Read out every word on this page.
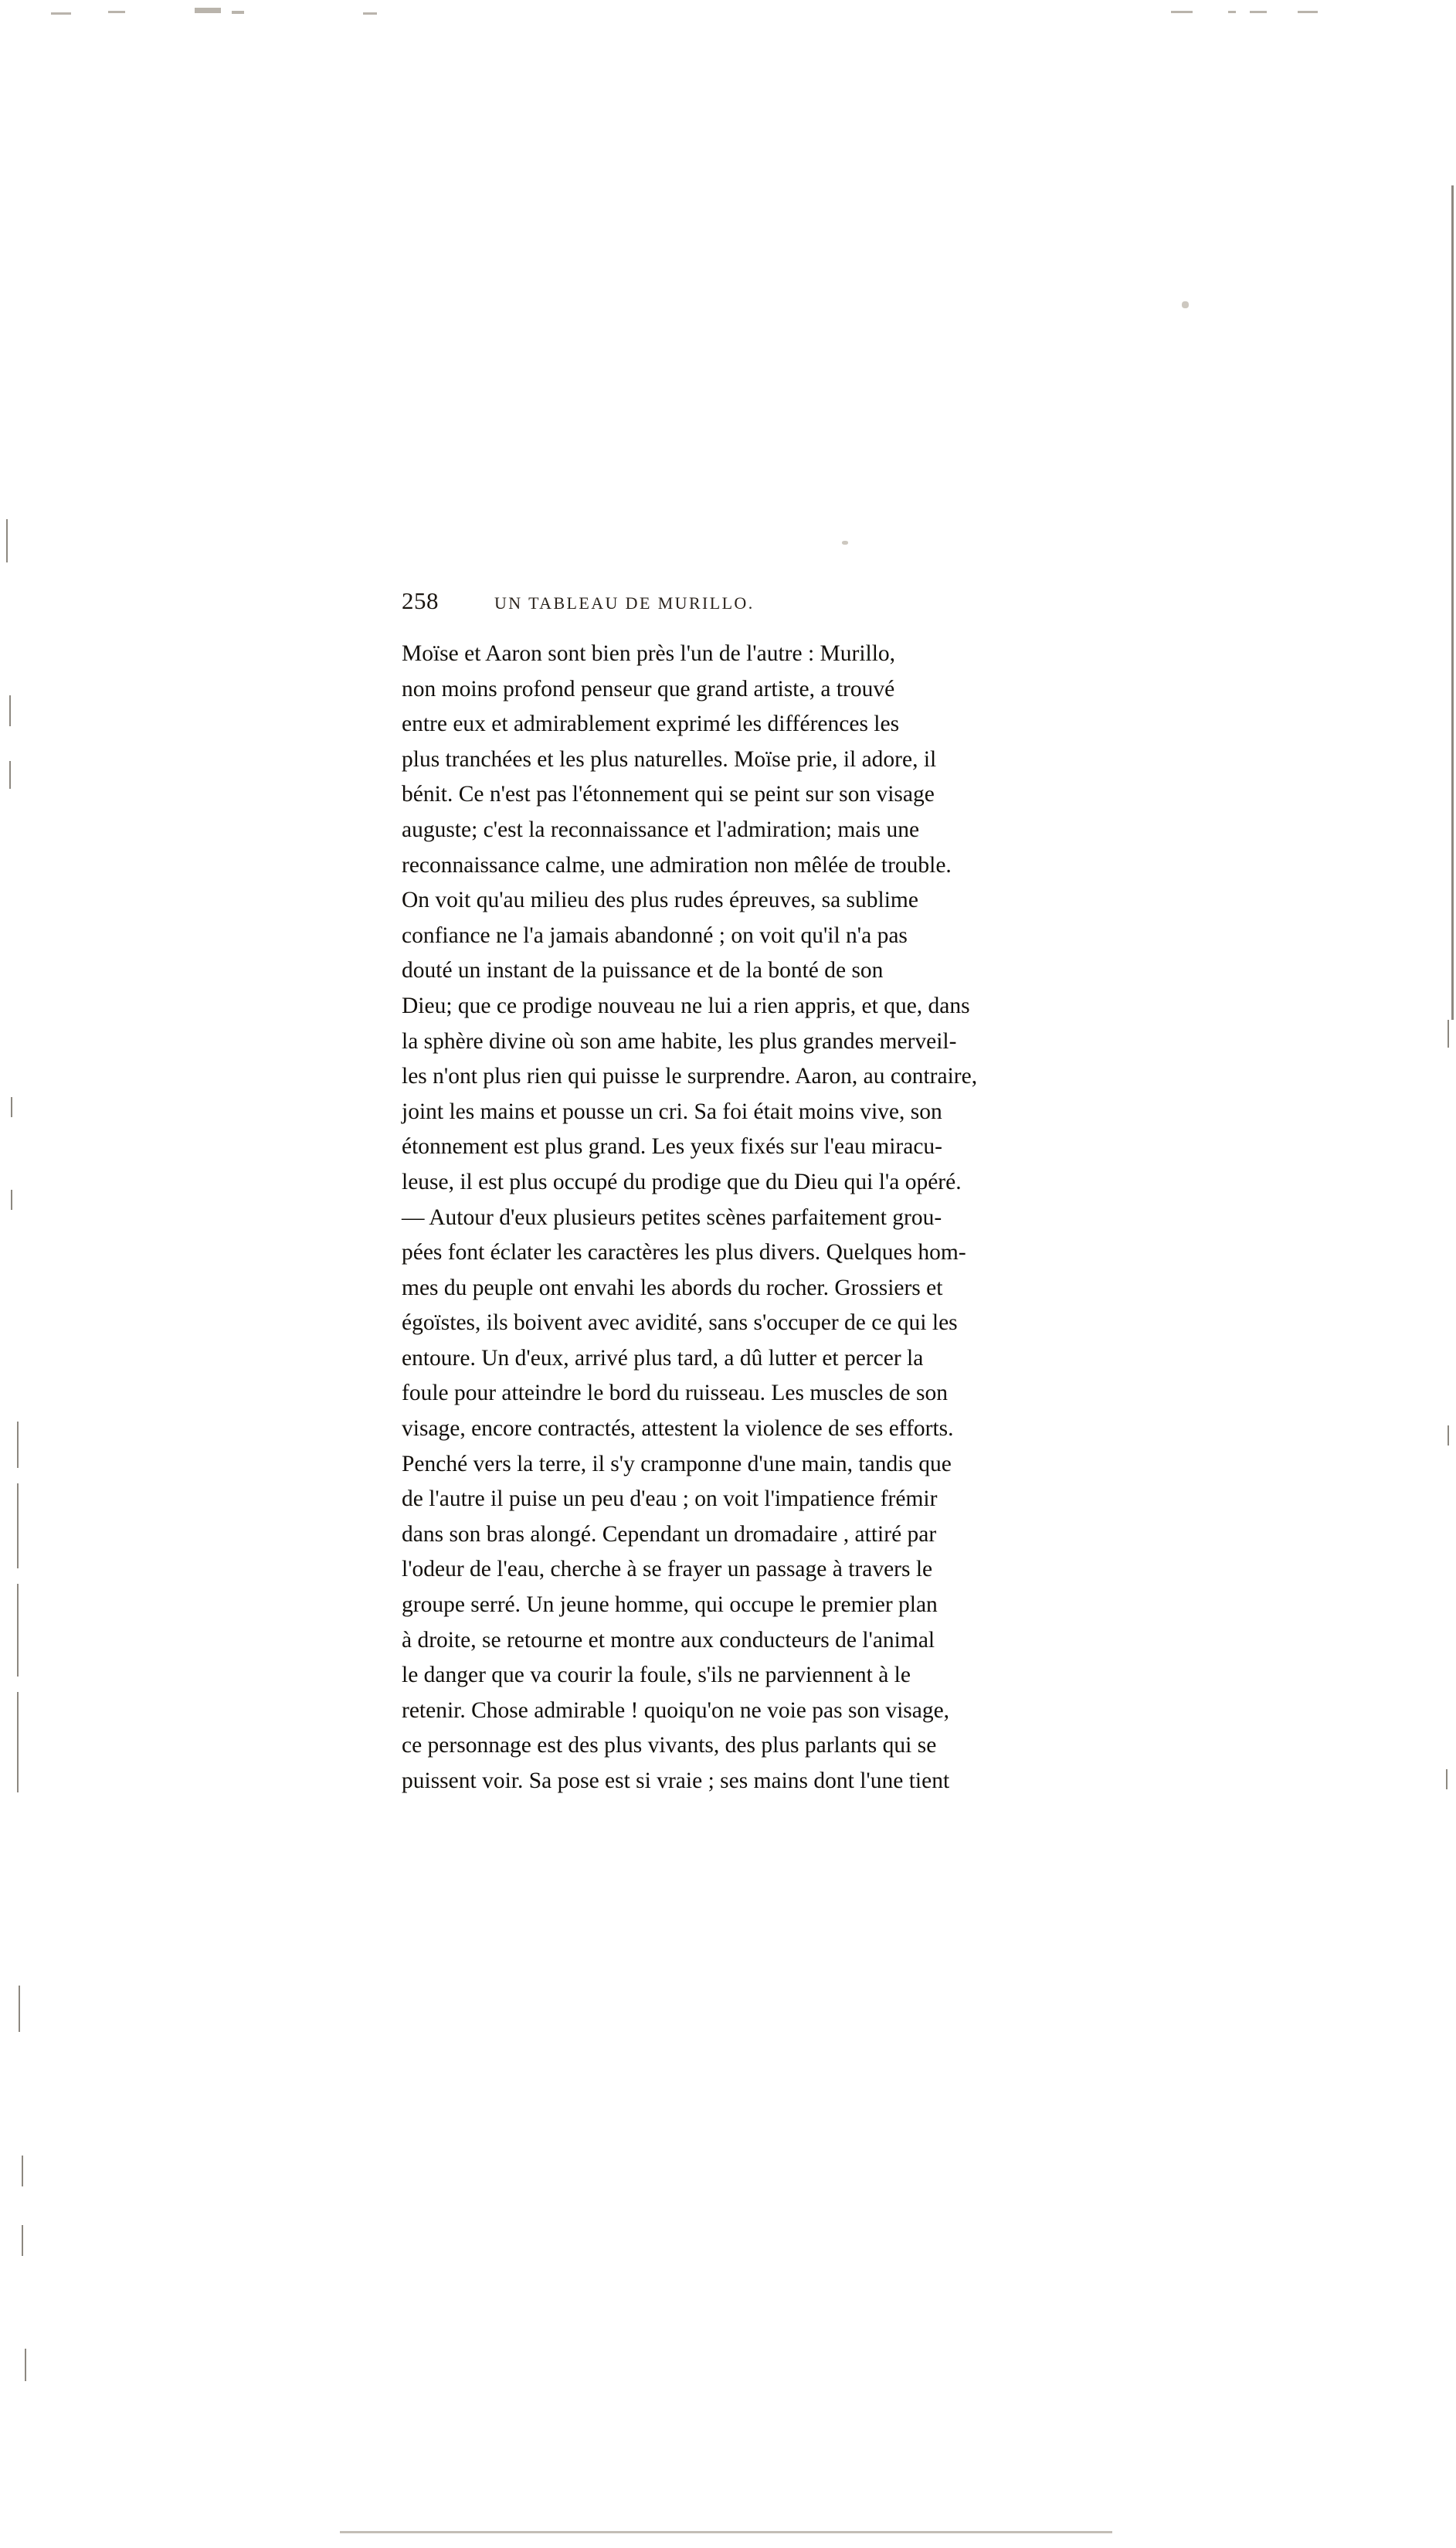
258	UN TABLEAU DE MURILLO.
Moïse et Aaron sont bien près l'un de l'autre : Murillo,
non moins profond penseur que grand artiste, a trouvé
entre eux et admirablement exprimé les différences les
plus tranchées et les plus naturelles. Moïse prie, il adore, il
bénit. Ce n'est pas l'étonnement qui se peint sur son visage
auguste; c'est la reconnaissance et l'admiration; mais une
reconnaissance calme, une admiration non mêlée de trouble.
On voit qu'au milieu des plus rudes épreuves, sa sublime
confiance ne l'a jamais abandonné ; on voit qu'il n'a pas
douté un instant de la puissance et de la bonté de son
Dieu; que ce prodige nouveau ne lui a rien appris, et que, dans
la sphère divine où son ame habite, les plus grandes merveil-
les n'ont plus rien qui puisse le surprendre. Aaron, au contraire,
joint les mains et pousse un cri. Sa foi était moins vive, son
étonnement est plus grand. Les yeux fixés sur l'eau miracu-
leuse, il est plus occupé du prodige que du Dieu qui l'a opéré.
— Autour d'eux plusieurs petites scènes parfaitement grou-
pées font éclater les caractères les plus divers. Quelques hom-
mes du peuple ont envahi les abords du rocher. Grossiers et
égoïstes, ils boivent avec avidité, sans s'occuper de ce qui les
entoure. Un d'eux, arrivé plus tard, a dû lutter et percer la
foule pour atteindre le bord du ruisseau. Les muscles de son
visage, encore contractés, attestent la violence de ses efforts.
Penché vers la terre, il s'y cramponne d'une main, tandis que
de l'autre il puise un peu d'eau ; on voit l'impatience frémir
dans son bras alongé. Cependant un dromadaire , attiré par
l'odeur de l'eau, cherche à se frayer un passage à travers le
groupe serré. Un jeune homme, qui occupe le premier plan
à droite, se retourne et montre aux conducteurs de l'animal
le danger que va courir la foule, s'ils ne parviennent à le
retenir. Chose admirable ! quoiqu'on ne voie pas son visage,
ce personnage est des plus vivants, des plus parlants qui se
puissent voir. Sa pose est si vraie ; ses mains dont l'une tient
